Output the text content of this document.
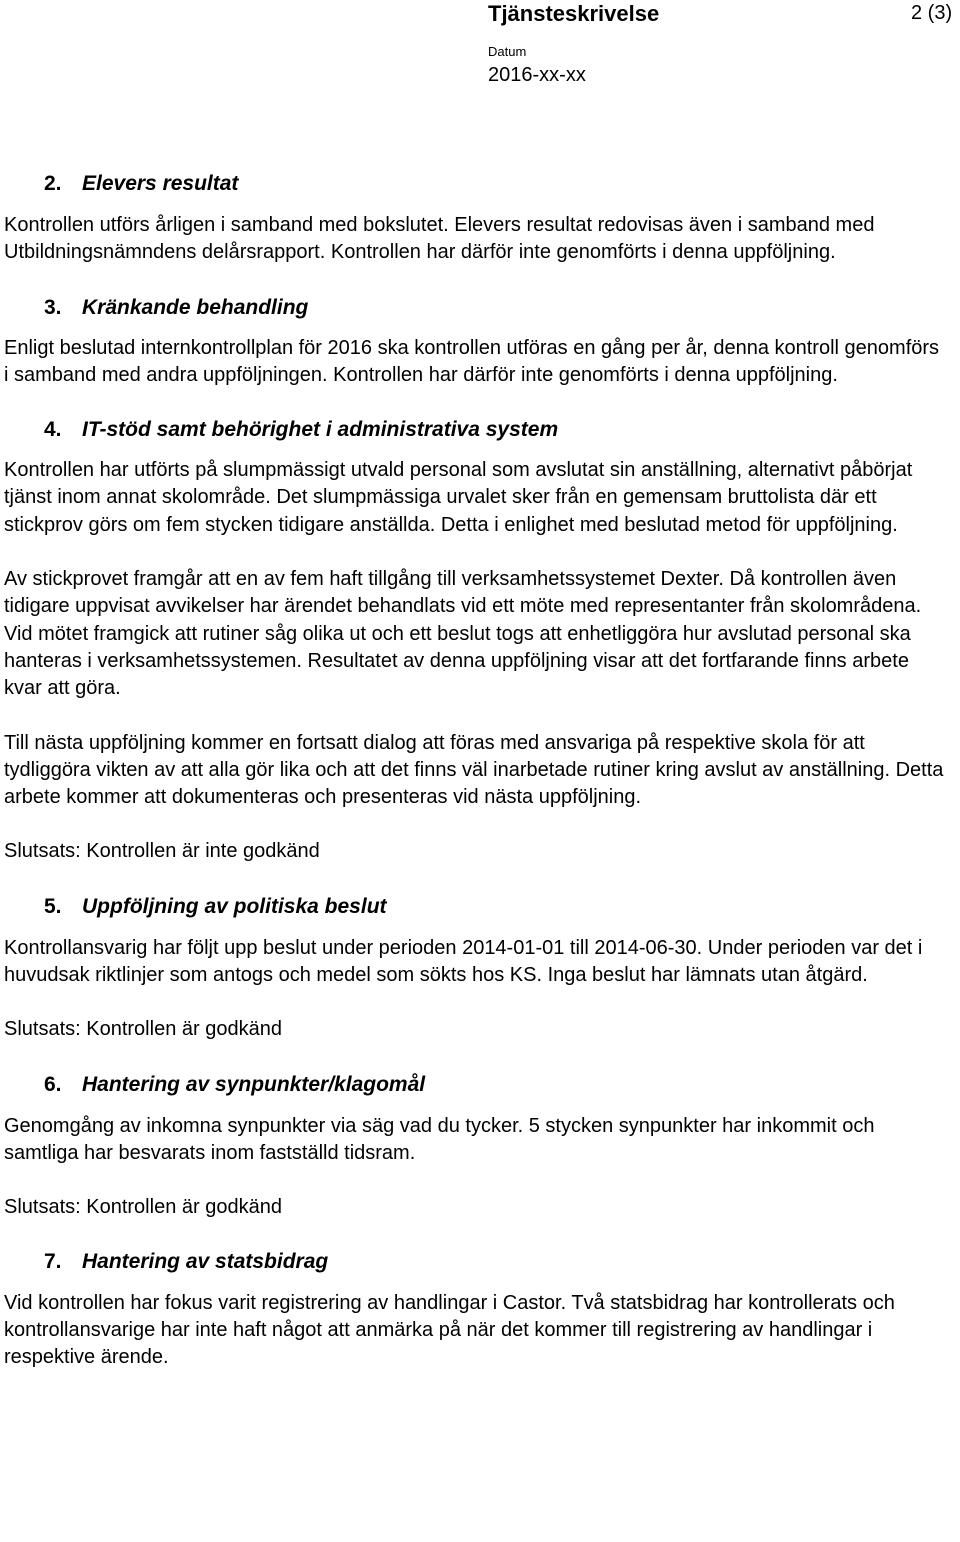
Tjänsteskrivelse	2 (3)
Datum
2016-xx-xx
2. Elevers resultat

Kontrollen utförs årligen i samband med bokslutet. Elevers resultat redovisas även i samband med Utbildningsnämndens delårsrapport. Kontrollen har därför inte genomförts i denna uppföljning.

3. Kränkande behandling

Enligt beslutad internkontrollplan för 2016 ska kontrollen utföras en gång per år, denna kontroll genomförs i samband med andra uppföljningen. Kontrollen har därför inte genomförts i denna uppföljning.

4. IT-stöd samt behörighet i administrativa system

Kontrollen har utförts på slumpmässigt utvald personal som avslutat sin anställning, alternativt påbörjat tjänst inom annat skolområde. Det slumpmässiga urvalet sker från en gemensam bruttolista där ett stickprov görs om fem stycken tidigare anställda. Detta i enlighet med beslutad metod för uppföljning.

Av stickprovet framgår att en av fem haft tillgång till verksamhetssystemet Dexter. Då kontrollen även tidigare uppvisat avvikelser har ärendet behandlats vid ett möte med representanter från skolområdena. Vid mötet framgick att rutiner såg olika ut och ett beslut togs att enhetliggöra hur avslutad personal ska hanteras i verksamhetssystemen. Resultatet av denna uppföljning visar att det fortfarande finns arbete kvar att göra.

Till nästa uppföljning kommer en fortsatt dialog att föras med ansvariga på respektive skola för att tydliggöra vikten av att alla gör lika och att det finns väl inarbetade rutiner kring avslut av anställning. Detta arbete kommer att dokumenteras och presenteras vid nästa uppföljning.

Slutsats: Kontrollen är inte godkänd

5. Uppföljning av politiska beslut

Kontrollansvarig har följt upp beslut under perioden 2014-01-01 till 2014-06-30. Under perioden var det i huvudsak riktlinjer som antogs och medel som sökts hos KS. Inga beslut har lämnats utan åtgärd.

Slutsats: Kontrollen är godkänd

6. Hantering av synpunkter/klagomål

Genomgång av inkomna synpunkter via säg vad du tycker. 5 stycken synpunkter har inkommit och samtliga har besvarats inom fastställd tidsram.

Slutsats: Kontrollen är godkänd

7. Hantering av statsbidrag

Vid kontrollen har fokus varit registrering av handlingar i Castor. Två statsbidrag har kontrollerats och kontrollansvarige har inte haft något att anmärka på när det kommer till registrering av handlingar i respektive ärende.
